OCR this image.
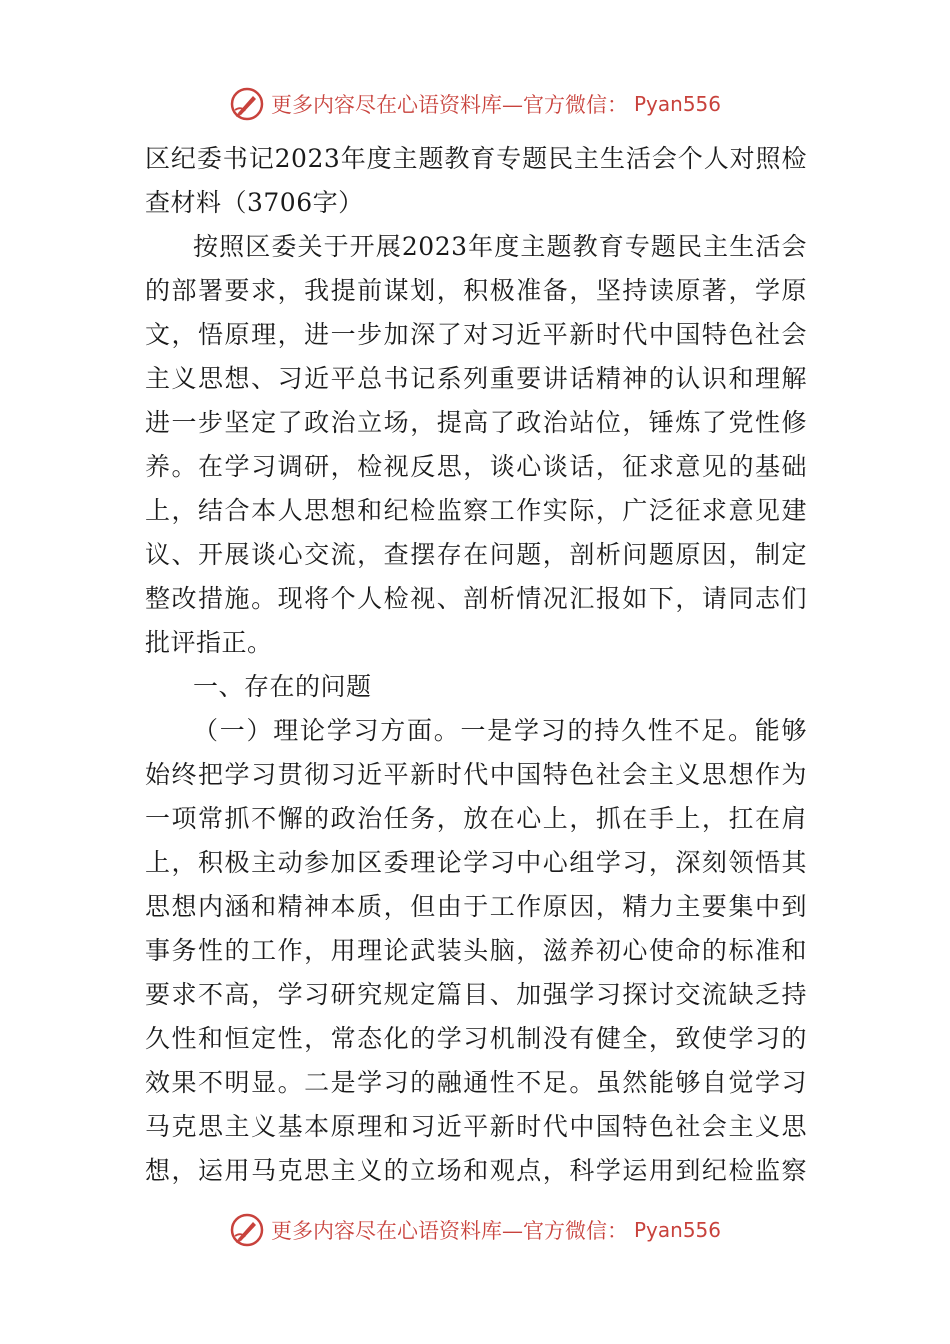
更多内容尽在心语资料库—官方微信： Pyan556
区纪委书记2023年度主题教育专题民主生活会个人对照检
查材料（3706字）
按照区委关于开展2023年度主题教育专题民主生活会
的部署要求，我提前谋划，积极准备，坚持读原著，学原
文，悟原理，进一步加深了对习近平新时代中国特色社会
主义思想、习近平总书记系列重要讲话精神的认识和理解
进一步坚定了政治立场，提高了政治站位，锤炼了党性修
养。在学习调研，检视反思，谈心谈话，征求意见的基础
上，结合本人思想和纪检监察工作实际，广泛征求意见建
议、开展谈心交流，查摆存在问题，剖析问题原因，制定
整改措施。现将个人检视、剖析情况汇报如下，请同志们
批评指正。
一、存在的问题
（一）理论学习方面。一是学习的持久性不足。能够
始终把学习贯彻习近平新时代中国特色社会主义思想作为
一项常抓不懈的政治任务，放在心上，抓在手上，扛在肩
上，积极主动参加区委理论学习中心组学习，深刻领悟其
思想内涵和精神本质，但由于工作原因，精力主要集中到
事务性的工作，用理论武装头脑，滋养初心使命的标准和
要求不高，学习研究规定篇目、加强学习探讨交流缺乏持
久性和恒定性，常态化的学习机制没有健全，致使学习的
效果不明显。二是学习的融通性不足。虽然能够自觉学习
马克思主义基本原理和习近平新时代中国特色社会主义思
想，运用马克思主义的立场和观点，科学运用到纪检监察
更多内容尽在心语资料库—官方微信： Pyan556
